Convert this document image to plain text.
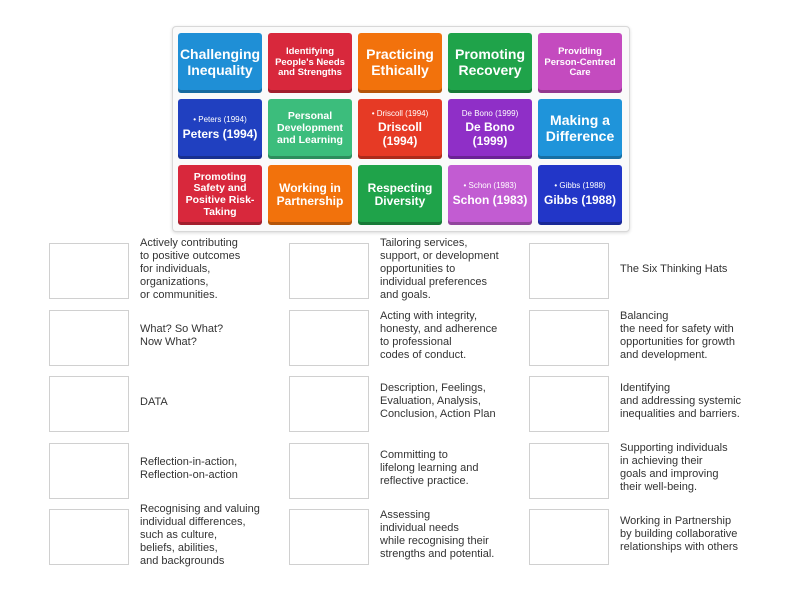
Challenging Inequality
Identifying People's Needs and Strengths
Practicing Ethically
Promoting Recovery
Providing Person-Centred Care
• Peters (1994)
Peters (1994)
Personal Development and Learning
• Driscoll (1994)
Driscoll (1994)
De Bono (1999)
De Bono (1999)
Making a Difference
Promoting Safety and Positive Risk-Taking
Working in Partnership
Respecting Diversity
• Schon (1983)
Schon (1983)
• Gibbs (1988)
Gibbs (1988)
Actively contributing
to positive outcomes
for individuals,
organizations,
or communities.
Tailoring services,
support, or development
opportunities to
individual preferences
and goals.
The Six Thinking Hats
What? So What?
Now What?
Acting with integrity,
honesty, and adherence
to professional
codes of conduct.
Balancing
the need for safety with
opportunities for growth
and development.
DATA
Description, Feelings,
Evaluation, Analysis,
Conclusion, Action Plan
Identifying
and addressing systemic
inequalities and barriers.
Reflection-in-action,
Reflection-on-action
Committing to
lifelong learning and
reflective practice.
Supporting individuals
in achieving their
goals and improving
their well-being.
Recognising and valuing
individual differences,
such as culture,
beliefs, abilities,
and backgrounds
Assessing
individual needs
while recognising their
strengths and potential.
Working in Partnership
by building collaborative
relationships with others
